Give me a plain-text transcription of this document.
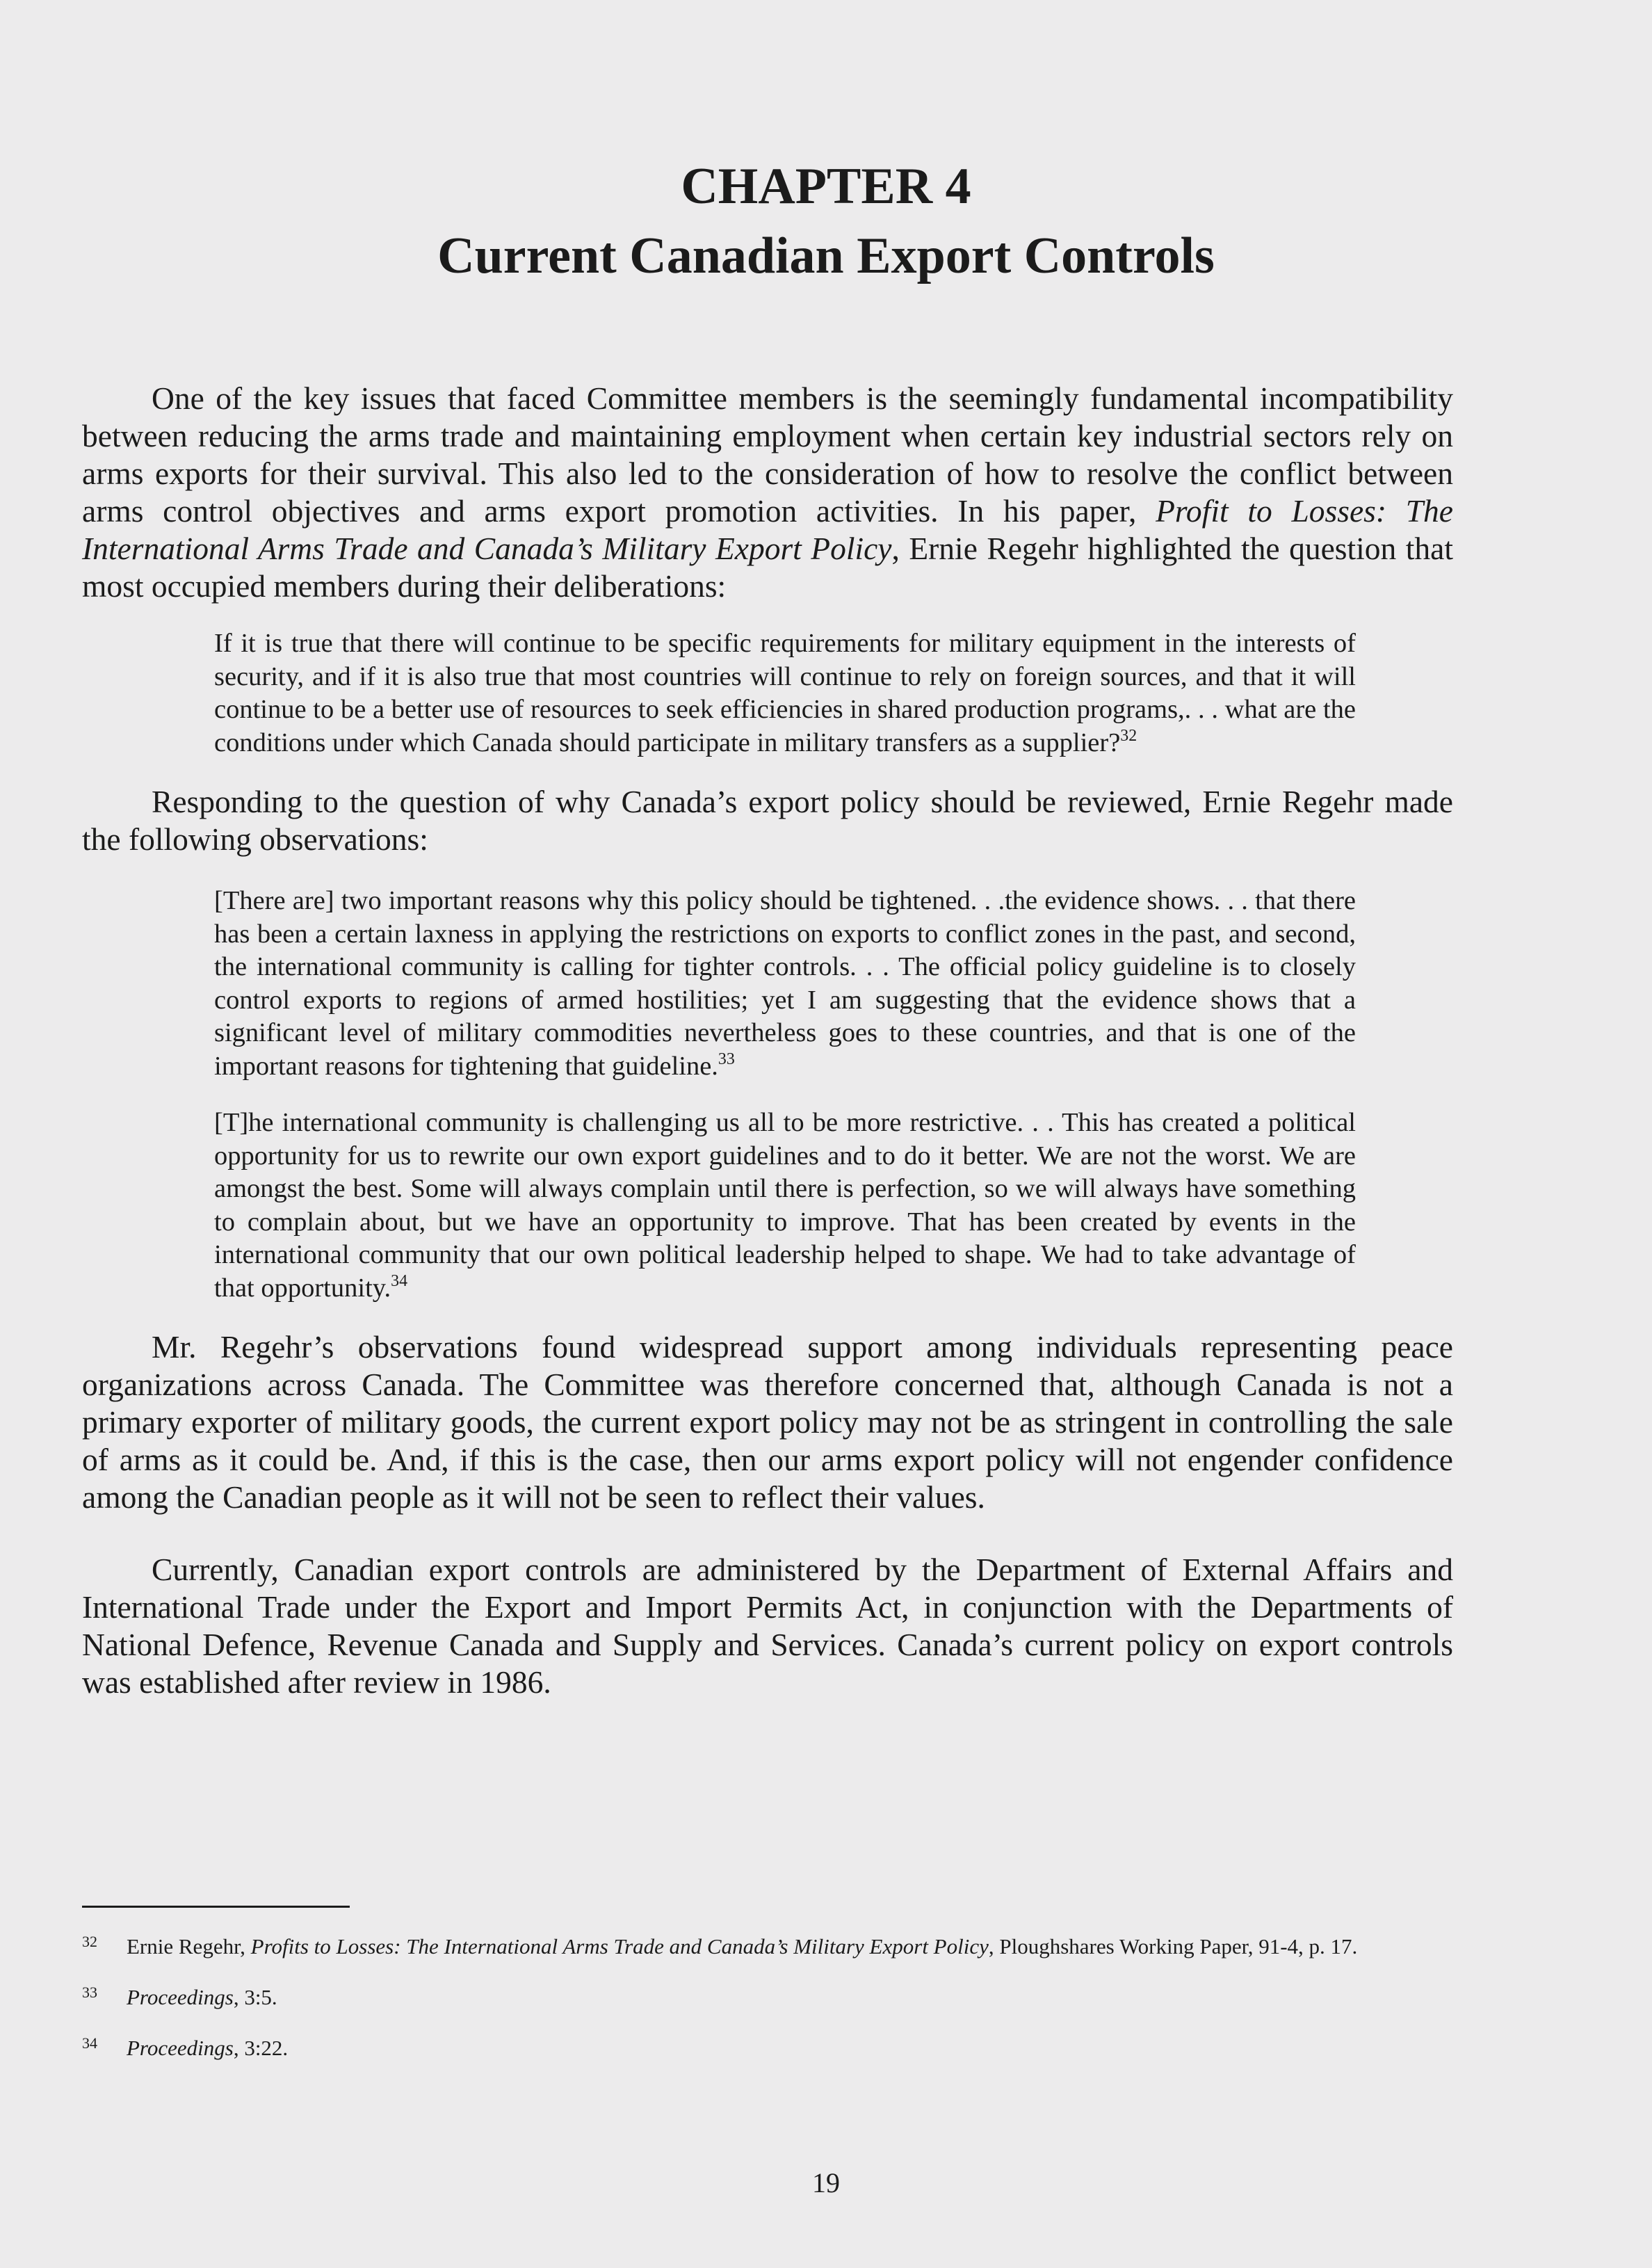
CHAPTER 4

Current Canadian Export Controls

One of the key issues that faced Committee members is the seemingly fundamental incompatibility between reducing the arms trade and maintaining employment when certain key industrial sectors rely on arms exports for their survival. This also led to the consideration of how to resolve the conflict between arms control objectives and arms export promotion activities. In his paper, Profit to Losses: The International Arms Trade and Canada’s Military Export Policy, Ernie Regehr highlighted the question that most occupied members during their deliberations:

If it is true that there will continue to be specific requirements for military equipment in the interests of security, and if it is also true that most countries will continue to rely on foreign sources, and that it will continue to be a better use of resources to seek efficiencies in shared production programs,. . . what are the conditions under which Canada should participate in military transfers as a supplier?$^{32}$

Responding to the question of why Canada’s export policy should be reviewed, Ernie Regehr made the following observations:

[There are] two important reasons why this policy should be tightened. . .the evidence shows. . . that there has been a certain laxness in applying the restrictions on exports to conflict zones in the past, and second, the international community is calling for tighter controls. . . The official policy guideline is to closely control exports to regions of armed hostilities; yet I am suggesting that the evidence shows that a significant level of military commodities nevertheless goes to these countries, and that is one of the important reasons for tightening that guideline.$^{33}$

[T]he international community is challenging us all to be more restrictive. . . This has created a political opportunity for us to rewrite our own export guidelines and to do it better. We are not the worst. We are amongst the best. Some will always complain until there is perfection, so we will always have something to complain about, but we have an opportunity to improve. That has been created by events in the international community that our own political leadership helped to shape. We had to take advantage of that opportunity.$^{34}$

Mr. Regehr’s observations found widespread support among individuals representing peace organizations across Canada. The Committee was therefore concerned that, although Canada is not a primary exporter of military goods, the current export policy may not be as stringent in controlling the sale of arms as it could be. And, if this is the case, then our arms export policy will not engender confidence among the Canadian people as it will not be seen to reflect their values.

Currently, Canadian export controls are administered by the Department of External Affairs and International Trade under the Export and Import Permits Act, in conjunction with the Departments of National Defence, Revenue Canada and Supply and Services. Canada’s current policy on export controls was established after review in 1986.

32 Ernie Regehr, Profits to Losses: The International Arms Trade and Canada’s Military Export Policy, Ploughshares Working Paper, 91-4, p. 17.

33 Proceedings, 3:5.

34 Proceedings, 3:22.

19
